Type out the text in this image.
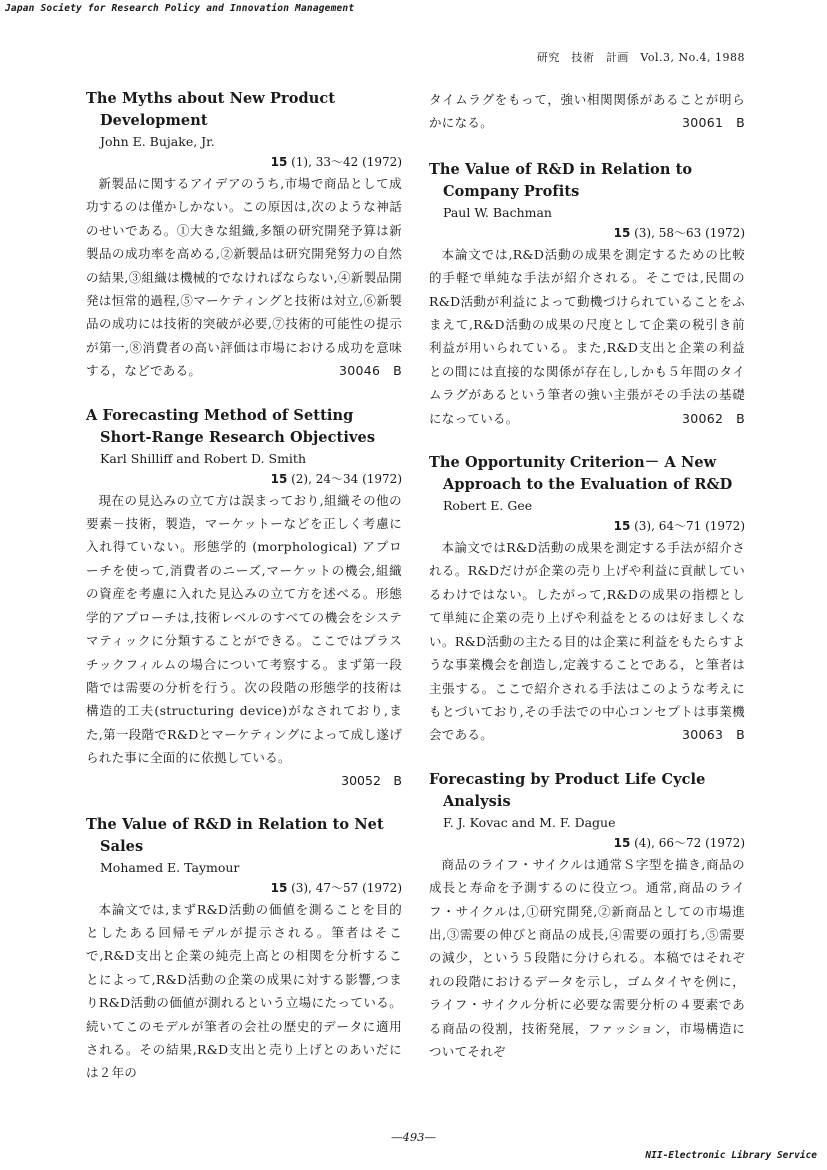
Japan Society for Research Policy and Innovation Management
研究　技術　計画　Vol.3, No.4, 1988
The Myths about New Product Development
John E. Bujake, Jr.
15 (1), 33～42 (1972)
新製品に関するアイデアのうち,市場で商品として成功するのは僅かしかない。この原因は,次のような神話のせいである。①大きな組織,多額の研究開発予算は新製品の成功率を高める,②新製品は研究開発努力の自然の結果,③組織は機械的でなければならない,④新製品開発は恒常的過程,⑤マーケティングと技術は対立,⑥新製品の成功には技術的突破が必要,⑦技術的可能性の提示が第一,⑧消費者の高い評価は市場における成功を意味する，などである。	30046　B
A Forecasting Method of Setting Short-Range Research Objectives
Karl Shilliff and Robert D. Smith
15 (2), 24～34 (1972)
現在の見込みの立て方は誤まっており,組織その他の要素－技術，製造，マーケットーなどを正しく考慮に入れ得ていない。形態学的 (morphological) アプローチを使って,消費者のニーズ,マーケットの機会,組織の資産を考慮に入れた見込みの立て方を述べる。形態学的アプローチは,技術レベルのすべての機会をシステマティックに分類することができる。ここではプラスチックフィルムの場合について考察する。まず第一段階では需要の分析を行う。次の段階の形態学的技術は構造的工夫(structuring device)がなされており,また,第一段階でR&Dとマーケティングによって成し遂げられた事に全面的に依拠している。
30052　B
The Value of R&D in Relation to Net Sales
Mohamed E. Taymour
15 (3), 47～57 (1972)
本論文では,まずR&D活動の価値を測ることを目的としたある回帰モデルが提示される。筆者はそこで,R&D支出と企業の純売上高との相関を分析することによって,R&D活動の企業の成果に対する影響,つまりR&D活動の価値が測れるという立場にたっている。続いてこのモデルが筆者の会社の歴史的データに適用される。その結果,R&D支出と売り上げとのあいだには２年の
タイムラグをもって，強い相関関係があることが明らかになる。	30061　B
The Value of R&D in Relation to Company Profits
Paul W. Bachman
15 (3), 58～63 (1972)
本論文では,R&D活動の成果を測定するための比較的手軽で単純な手法が紹介される。そこでは,民間のR&D活動が利益によって動機づけられていることをふまえて,R&D活動の成果の尺度として企業の税引き前利益が用いられている。また,R&D支出と企業の利益との間には直接的な関係が存在し,しかも５年間のタイムラグがあるという筆者の強い主張がその手法の基礎になっている。	30062　B
The Opportunity Criterion－ A New Approach to the Evaluation of R&D
Robert E. Gee
15 (3), 64～71 (1972)
本論文ではR&D活動の成果を測定する手法が紹介される。R&Dだけが企業の売り上げや利益に貢献しているわけではない。したがって,R&Dの成果の指標として単純に企業の売り上げや利益をとるのは好ましくない。R&D活動の主たる目的は企業に利益をもたらすような事業機会を創造し,定義することである，と筆者は主張する。ここで紹介される手法はこのような考えにもとづいており,その手法での中心コンセプトは事業機会である。	30063　B
Forecasting by Product Life Cycle Analysis
F. J. Kovac and M. F. Dague
15 (4), 66～72 (1972)
商品のライフ・サイクルは通常Ｓ字型を描き,商品の成長と寿命を予測するのに役立つ。通常,商品のライフ・サイクルは,①研究開発,②新商品としての市場進出,③需要の伸びと商品の成長,④需要の頭打ち,⑤需要の減少，という５段階に分けられる。本稿ではそれぞれの段階におけるデータを示し，ゴムタイヤを例に，ライフ・サイクル分析に必要な需要分析の４要素である商品の役割，技術発展，ファッション，市場構造についてそれぞ
—493—
NII-Electronic Library Service
